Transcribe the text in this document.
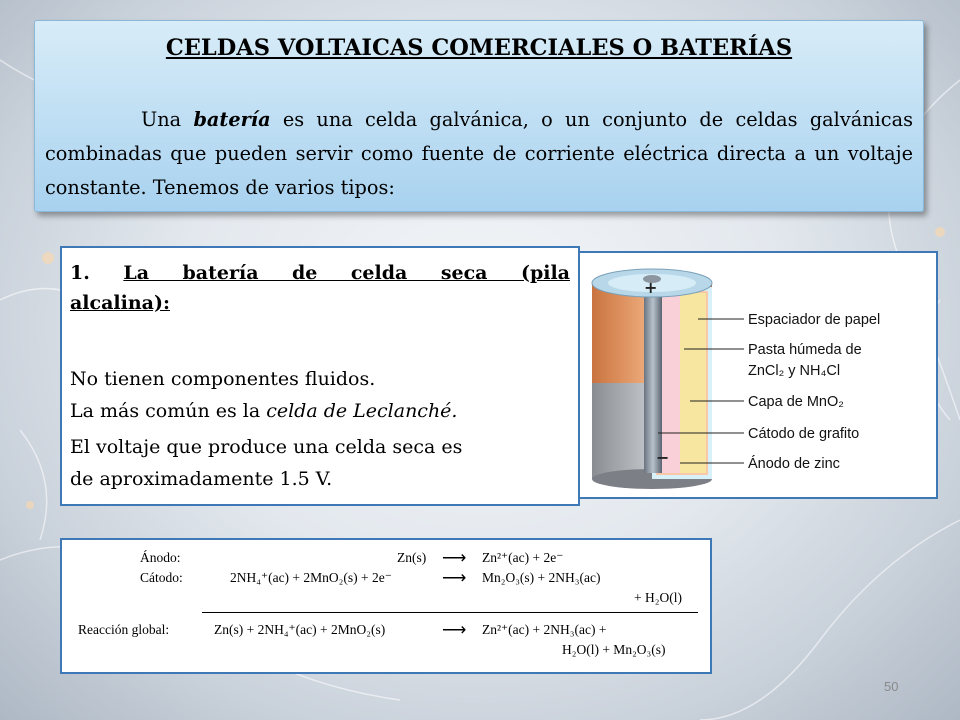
CELDAS VOLTAICAS COMERCIALES O BATERÍAS
Una batería es una celda galvánica, o un conjunto de celdas galvánicas combinadas que pueden servir como fuente de corriente eléctrica directa a un voltaje constante. Tenemos de varios tipos:
1. La batería de celda seca (pila
alcalina):
No tienen componentes fluidos.
La más común es la celda de Leclanché.
El voltaje que produce una celda seca es
de aproximadamente 1.5 V.
+
−
Espaciador de papel
Pasta húmeda de
ZnCl₂ y NH₄Cl
Capa de MnO₂
Cátodo de grafito
Ánodo de zinc
Ánodo:	Zn(s) ⟶ Zn²⁺(ac) + 2e⁻
Cátodo:	2NH₄⁺(ac) + 2MnO₂(s) + 2e⁻	⟶ Mn₂O₃(s) + 2NH₃(ac)
+ H₂O(l)
Reacción global:	Zn(s) + 2NH₄⁺(ac) + 2MnO₂(s)	⟶ Zn²⁺(ac) + 2NH₃(ac) +
H₂O(l) + Mn₂O₃(s)
50
